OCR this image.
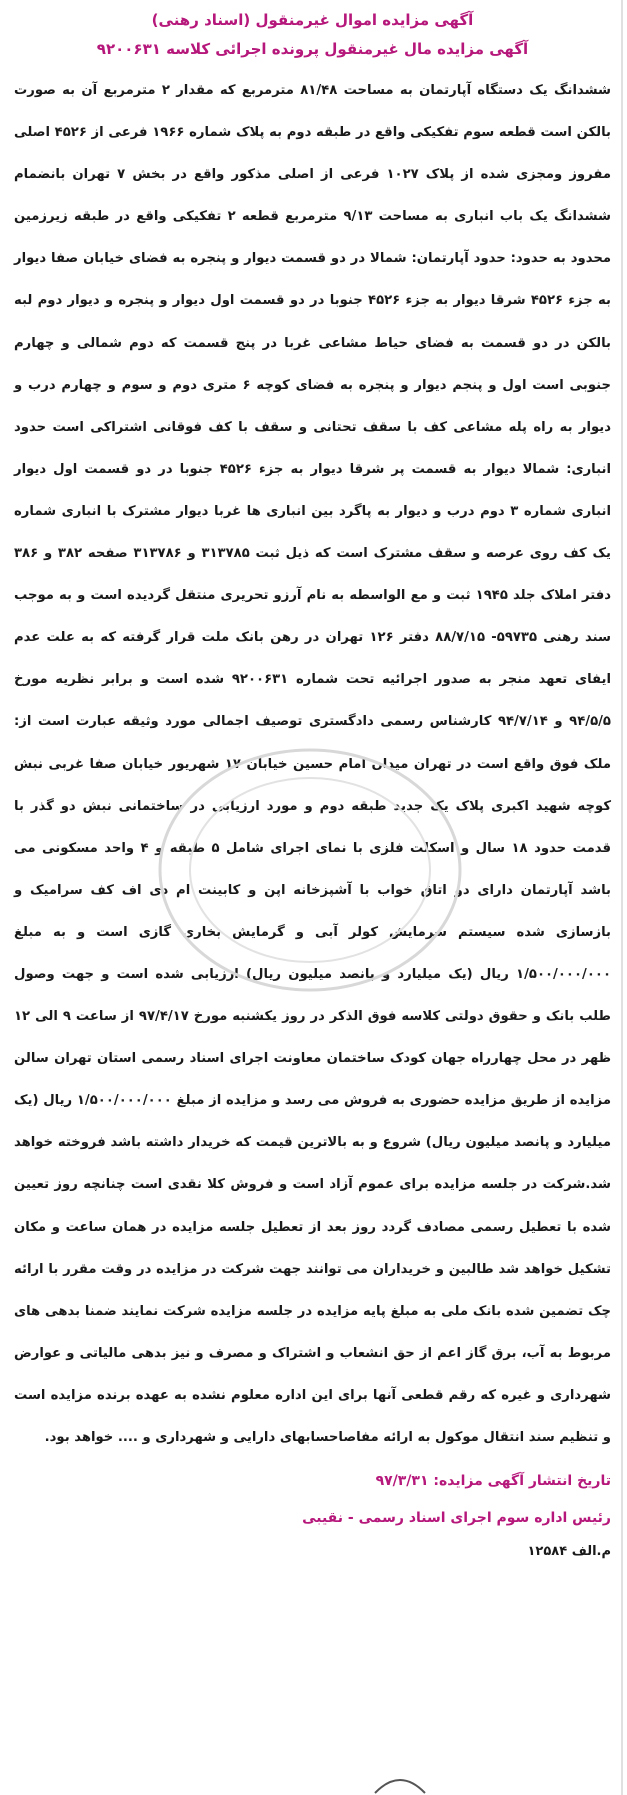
آگهی مزایده اموال غیرمنقول (اسناد رهنی)
آگهی مزایده مال غیرمنقول پرونده اجرائی کلاسه ۹۲۰۰۶۳۱

ششدانگ یک دستگاه آپارتمان به مساحت ۸۱/۴۸ مترمربع که مقدار ۲ مترمربع آن به صورت بالکن است قطعه سوم تفکیکی واقع در طبقه دوم به پلاک شماره ۱۹۶۶ فرعی از ۴۵۲۶ اصلی مفروز ومجزی شده از پلاک ۱۰۲۷ فرعی از اصلی مذکور واقع در بخش ۷ تهران بانضمام ششدانگ یک باب انباری به مساحت ۹/۱۳ مترمربع قطعه ۲ تفکیکی واقع در طبقه زیرزمین محدود به حدود: حدود آپارتمان: شمالا در دو قسمت دیوار و پنجره به فضای خیابان صفا دیوار به جزء ۴۵۲۶ شرقا دیوار به جزء ۴۵۲۶ جنوبا در دو قسمت اول دیوار و پنجره و دیوار دوم لبه بالکن در دو قسمت به فضای حیاط مشاعی غربا در پنج قسمت که دوم شمالی و چهارم جنوبی است اول و پنجم دیوار و پنجره به فضای کوچه ۶ متری دوم و سوم و چهارم درب و دیوار به راه پله مشاعی کف با سقف تحتانی و سقف با کف فوقانی اشتراکی است حدود انباری: شمالا دیوار به قسمت پر شرقا دیوار به جزء ۴۵۲۶ جنوبا در دو قسمت اول دیوار انباری شماره ۳ دوم درب و دیوار به پاگرد بین انباری ها غربا دیوار مشترک با انباری شماره یک کف روی عرصه و سقف مشترک است که ذیل ثبت ۳۱۳۷۸۵ و ۳۱۳۷۸۶ صفحه ۳۸۲ و ۳۸۶ دفتر املاک جلد ۱۹۴۵ ثبت و مع الواسطه به نام آرزو تحریری منتقل گردیده است و به موجب سند رهنی ۵۹۷۳۵- ۸۸/۷/۱۵ دفتر ۱۲۶ تهران در رهن بانک ملت قرار گرفته که به علت عدم ایفای تعهد منجر به صدور اجرائیه تحت شماره ۹۲۰۰۶۳۱ شده است و برابر نظریه مورخ ۹۴/۵/۵ و ۹۴/۷/۱۴ کارشناس رسمی دادگستری توصیف اجمالی مورد وثیقه عبارت است از: ملک فوق واقع است در تهران میدان امام حسین خیابان ۱۷ شهریور خیابان صفا غربی نبش کوچه شهید اکبری پلاک یک جدید طبقه دوم و مورد ارزیابی در ساختمانی نبش دو گذر با قدمت حدود ۱۸ سال و اسکلت فلزی با نمای اجرای شامل ۵ طبقه و ۴ واحد مسکونی می باشد آپارتمان دارای دو اتاق خواب با آشپزخانه اپن و کابینت ام دی اف کف سرامیک و بازسازی شده سیستم سرمایش کولر آبی و گرمایش بخاری گازی است و به مبلغ ۱/۵۰۰/۰۰۰/۰۰۰ ریال (یک میلیارد و پانصد میلیون ریال) ارزیابی شده است و جهت وصول طلب بانک و حقوق دولتی کلاسه فوق الذکر در روز یکشنبه مورخ ۹۷/۴/۱۷ از ساعت ۹ الی ۱۲ ظهر در محل چهارراه جهان کودک ساختمان معاونت اجرای اسناد رسمی استان تهران سالن مزایده از طریق مزایده حضوری به فروش می رسد و مزایده از مبلغ ۱/۵۰۰/۰۰۰/۰۰۰ ریال (یک میلیارد و پانصد میلیون ریال) شروع و به بالاترین قیمت که خریدار داشته باشد فروخته خواهد شد.شرکت در جلسه مزایده برای عموم آزاد است و فروش کلا نقدی است چنانچه روز تعیین شده با تعطیل رسمی مصادف گردد روز بعد از تعطیل جلسه مزایده در همان ساعت و مکان تشکیل خواهد شد طالبین و خریداران می توانند جهت شرکت در مزایده در وقت مقرر با ارائه چک تضمین شده بانک ملی به مبلغ پایه مزایده در جلسه مزایده شرکت نمایند ضمنا بدهی های مربوط به آب، برق گاز اعم از حق انشعاب و اشتراک و مصرف و نیز بدهی مالیاتی و عوارض شهرداری و غیره که رقم قطعی آنها برای این اداره معلوم نشده به عهده برنده مزایده است و تنظیم سند انتقال موکول به ارائه مفاصاحسابهای دارایی و شهرداری و .... خواهد بود.

تاریخ انتشار آگهی مزایده: ۹۷/۳/۳۱
رئیس اداره سوم اجرای اسناد رسمی - نقیبی
م.الف ۱۲۵۸۴
